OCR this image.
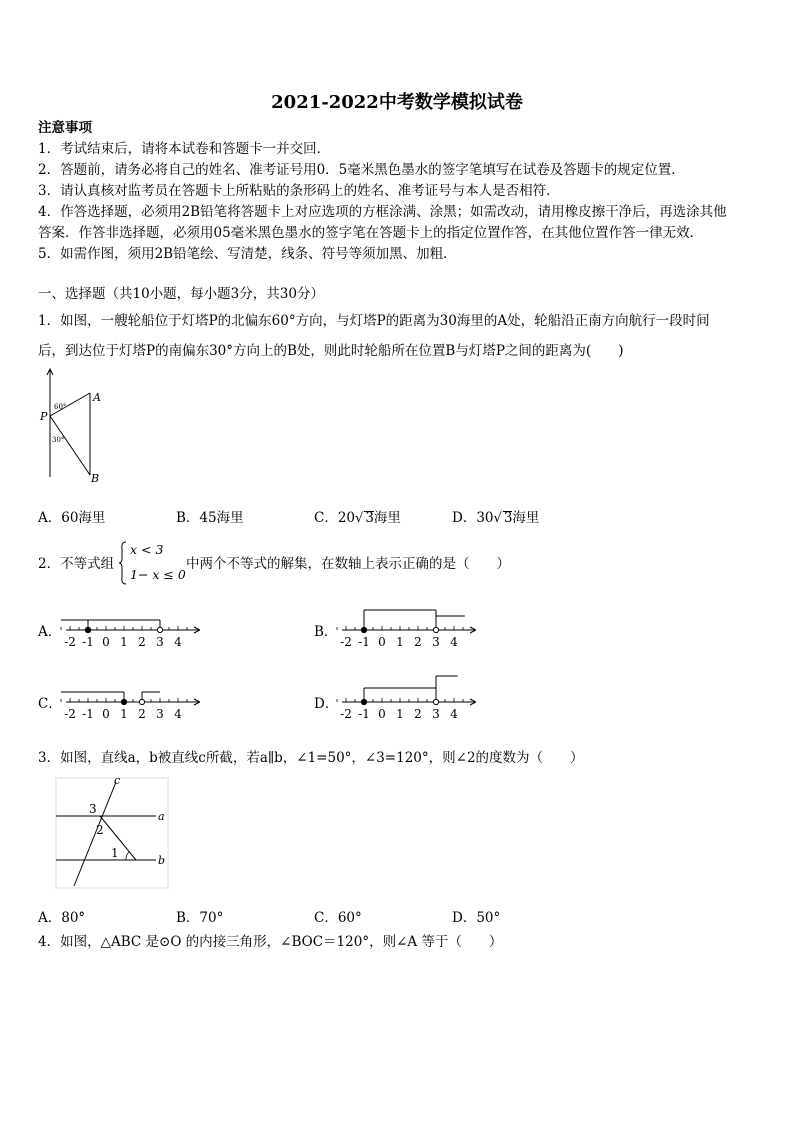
2021-2022中考数学模拟试卷
注意事项
1．考试结束后，请将本试卷和答题卡一并交回．
2．答题前，请务必将自己的姓名、准考证号用0．5毫米黑色墨水的签字笔填写在试卷及答题卡的规定位置．
3．请认真核对监考员在答题卡上所粘贴的条形码上的姓名、准考证号与本人是否相符．
4．作答选择题，必须用2B铅笔将答题卡上对应选项的方框涂满、涂黑；如需改动，请用橡皮擦干净后，再选涂其他
答案．作答非选择题，必须用05毫米黑色墨水的签字笔在答题卡上的指定位置作答，在其他位置作答一律无效．
5．如需作图，须用2B铅笔绘、写清楚，线条、符号等须加黑、加粗．
一、选择题（共10小题，每小题3分，共30分）
1．如图，一艘轮船位于灯塔P的北偏东60°方向，与灯塔P的距离为30海里的A处，轮船沿正南方向航行一段时间
后，到达位于灯塔P的南偏东30°方向上的B处，则此时轮船所在位置B与灯塔P之间的距离为(　　)
P
A
B
60°
30°
A．60海里	B．45海里	C．20√ 3海里	D．30√ 3海里
2．不等式组
x < 3
1− x ≤ 0
中两个不等式的解集，在数轴上表示正确的是（　　）
A．	B．
C．	D．
-2 -1 0 1 2 3 4	-2 -1 0 1 2 3 4
-2 -1 0 1 2 3 4	-2 -1 0 1 2 3 4
3．如图，直线a，b被直线c所截，若a∥b，∠1=50°，∠3=120°，则∠2的度数为（　　）
c
a
b
3
2
1
A．80°	B．70°	C．60°	D．50°
4．如图，△ABC 是⊙O 的内接三角形，∠BOC＝120°，则∠A 等于（　　）
